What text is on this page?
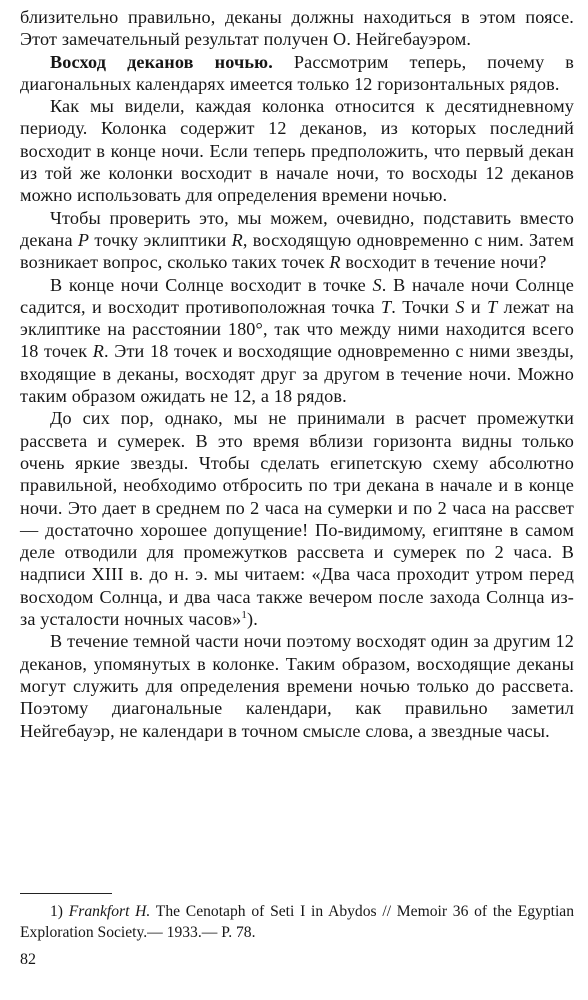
близительно правильно, деканы должны находиться в этом поясе. Этот замечательный результат получен О. Нейгебауэром.

Восход деканов ночью. Рассмотрим теперь, почему в диагональных календарях имеется только 12 горизонтальных рядов.

Как мы видели, каждая колонка относится к десятидневному периоду. Колонка содержит 12 деканов, из которых последний восходит в конце ночи. Если теперь предположить, что первый декан из той же колонки восходит в начале ночи, то восходы 12 деканов можно использовать для определения времени ночью.

Чтобы проверить это, мы можем, очевидно, подставить вместо декана P точку эклиптики R, восходящую одновременно с ним. Затем возникает вопрос, сколько таких точек R восходит в течение ночи?

В конце ночи Солнце восходит в точке S. В начале ночи Солнце садится, и восходит противоположная точка T. Точки S и T лежат на эклиптике на расстоянии 180°, так что между ними находится всего 18 точек R. Эти 18 точек и восходящие одновременно с ними звезды, входящие в деканы, восходят друг за другом в течение ночи. Можно таким образом ожидать не 12, а 18 рядов.

До сих пор, однако, мы не принимали в расчет промежутки рассвета и сумерек. В это время вблизи горизонта видны только очень яркие звезды. Чтобы сделать египетскую схему абсолютно правильной, необходимо отбросить по три декана в начале и в конце ночи. Это дает в среднем по 2 часа на сумерки и по 2 часа на рассвет — достаточно хорошее допущение! По-видимому, египтяне в самом деле отводили для промежутков рассвета и сумерек по 2 часа. В надписи XIII в. до н. э. мы читаем: «Два часа проходит утром перед восходом Солнца, и два часа также вечером после захода Солнца из-за усталости ночных часов»$^1$).

В течение темной части ночи поэтому восходят один за другим 12 деканов, упомянутых в колонке. Таким образом, восходящие деканы могут служить для определения времени ночью только до рассвета. Поэтому диагональные календари, как правильно заметил Нейгебауэр, не календари в точном смысле слова, а звездные часы.

1) Frankfort H. The Cenotaph of Seti I in Abydos // Memoir 36 of the Egyptian Exploration Society.— 1933.— P. 78.

82
